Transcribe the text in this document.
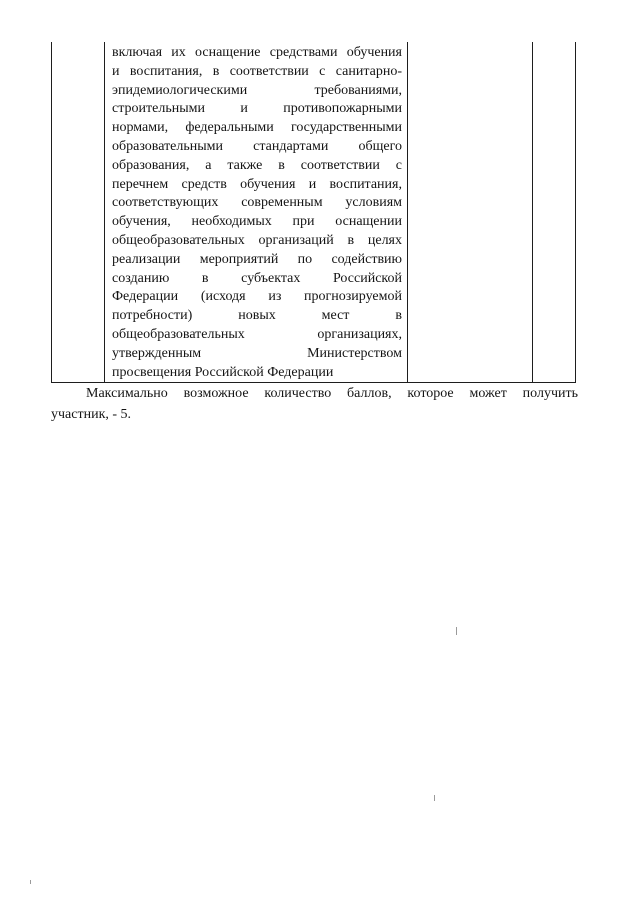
включая их оснащение средствами обучения
и воспитания, в соответствии с санитарно-
эпидемиологическими требованиями,
строительными и противопожарными
нормами, федеральными государственными
образовательными стандартами общего
образования, а также в соответствии с
перечнем средств обучения и воспитания,
соответствующих современным условиям
обучения, необходимых при оснащении
общеобразовательных организаций в целях
реализации мероприятий по содействию
созданию в субъектах Российской
Федерации (исходя из прогнозируемой
потребности) новых мест в
общеобразовательных организациях,
утвержденным Министерством
просвещения Российской Федерации

Максимально возможное количество баллов, которое может получить
участник, - 5.
